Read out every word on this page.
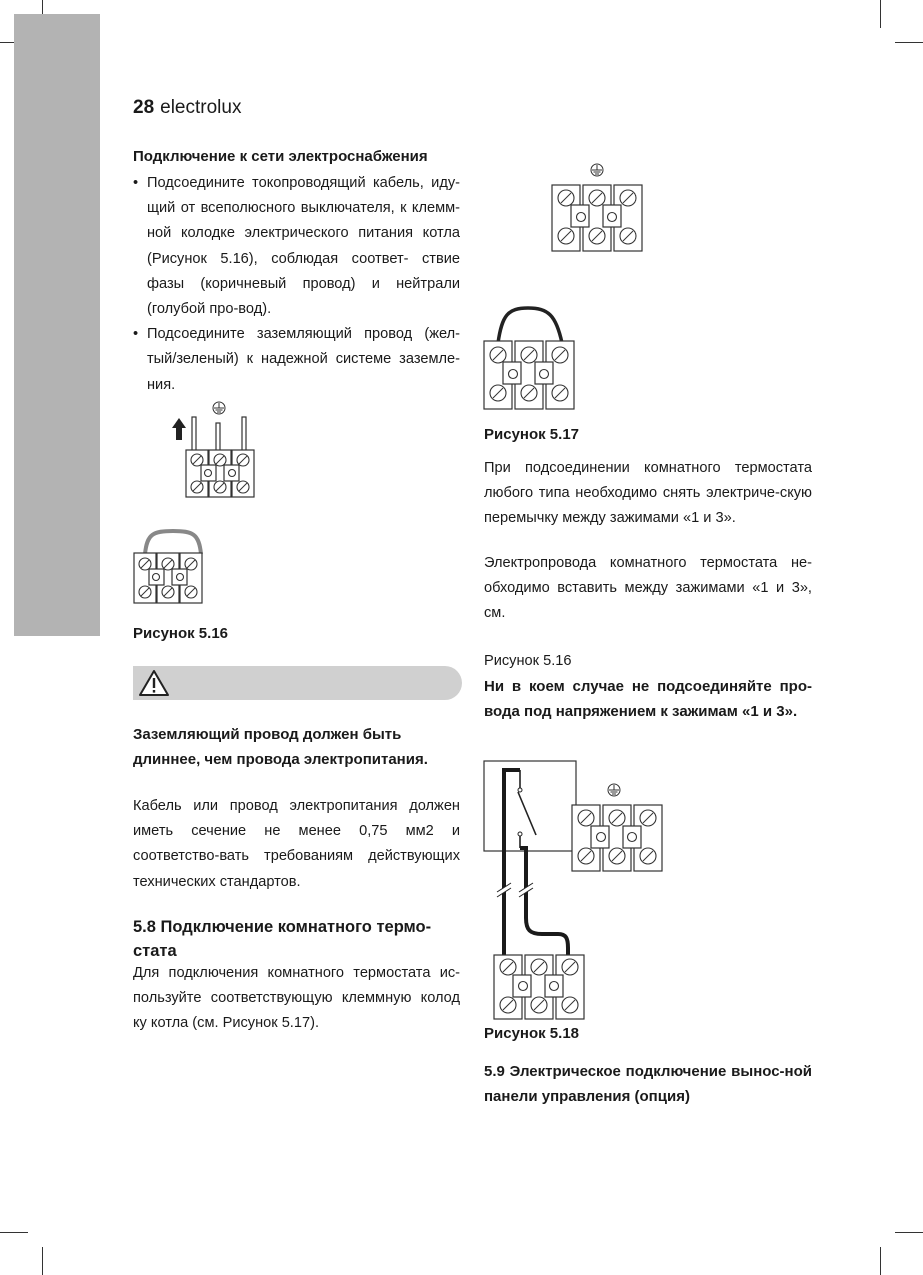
28 electrolux
Подключение к сети электроснабжения
• Подсоедините токопроводящий кабель, иду-щий от всеполюсного выключателя, к клемм-ной колодке электрического питания котла (Рисунок 5.16), соблюдая соответ- ствие фазы (коричневый провод) и нейтрали (голубой про-вод).
• Подсоедините заземляющий провод (жел-тый/зеленый) к надежной системе заземле-ния.
Рисунок 5.16
Заземляющий провод должен быть длиннее, чем провода электропитания.
Кабель или провод электропитания должен иметь сечение не менее 0,75 мм2 и соответство-вать требованиям действующих технических стандартов.
5.8 Подключение комнатного термо-стата
Для подключения комнатного термостата ис-пользуйте соответствующую клеммную колод ку котла (см. Рисунок 5.17).
Рисунок 5.17
При подсоединении комнатного термостата любого типа необходимо снять электриче-скую перемычку между зажимами «1 и 3».
Электропровода комнатного термостата не-обходимо вставить между зажимами «1 и 3», см.
Рисунок 5.16
Ни в коем случае не подсоединяйте про-вода под напряжением к зажимам «1 и 3».
Рисунок 5.18
5.9 Электрическое подключение вынос-ной панели управления (опция)
